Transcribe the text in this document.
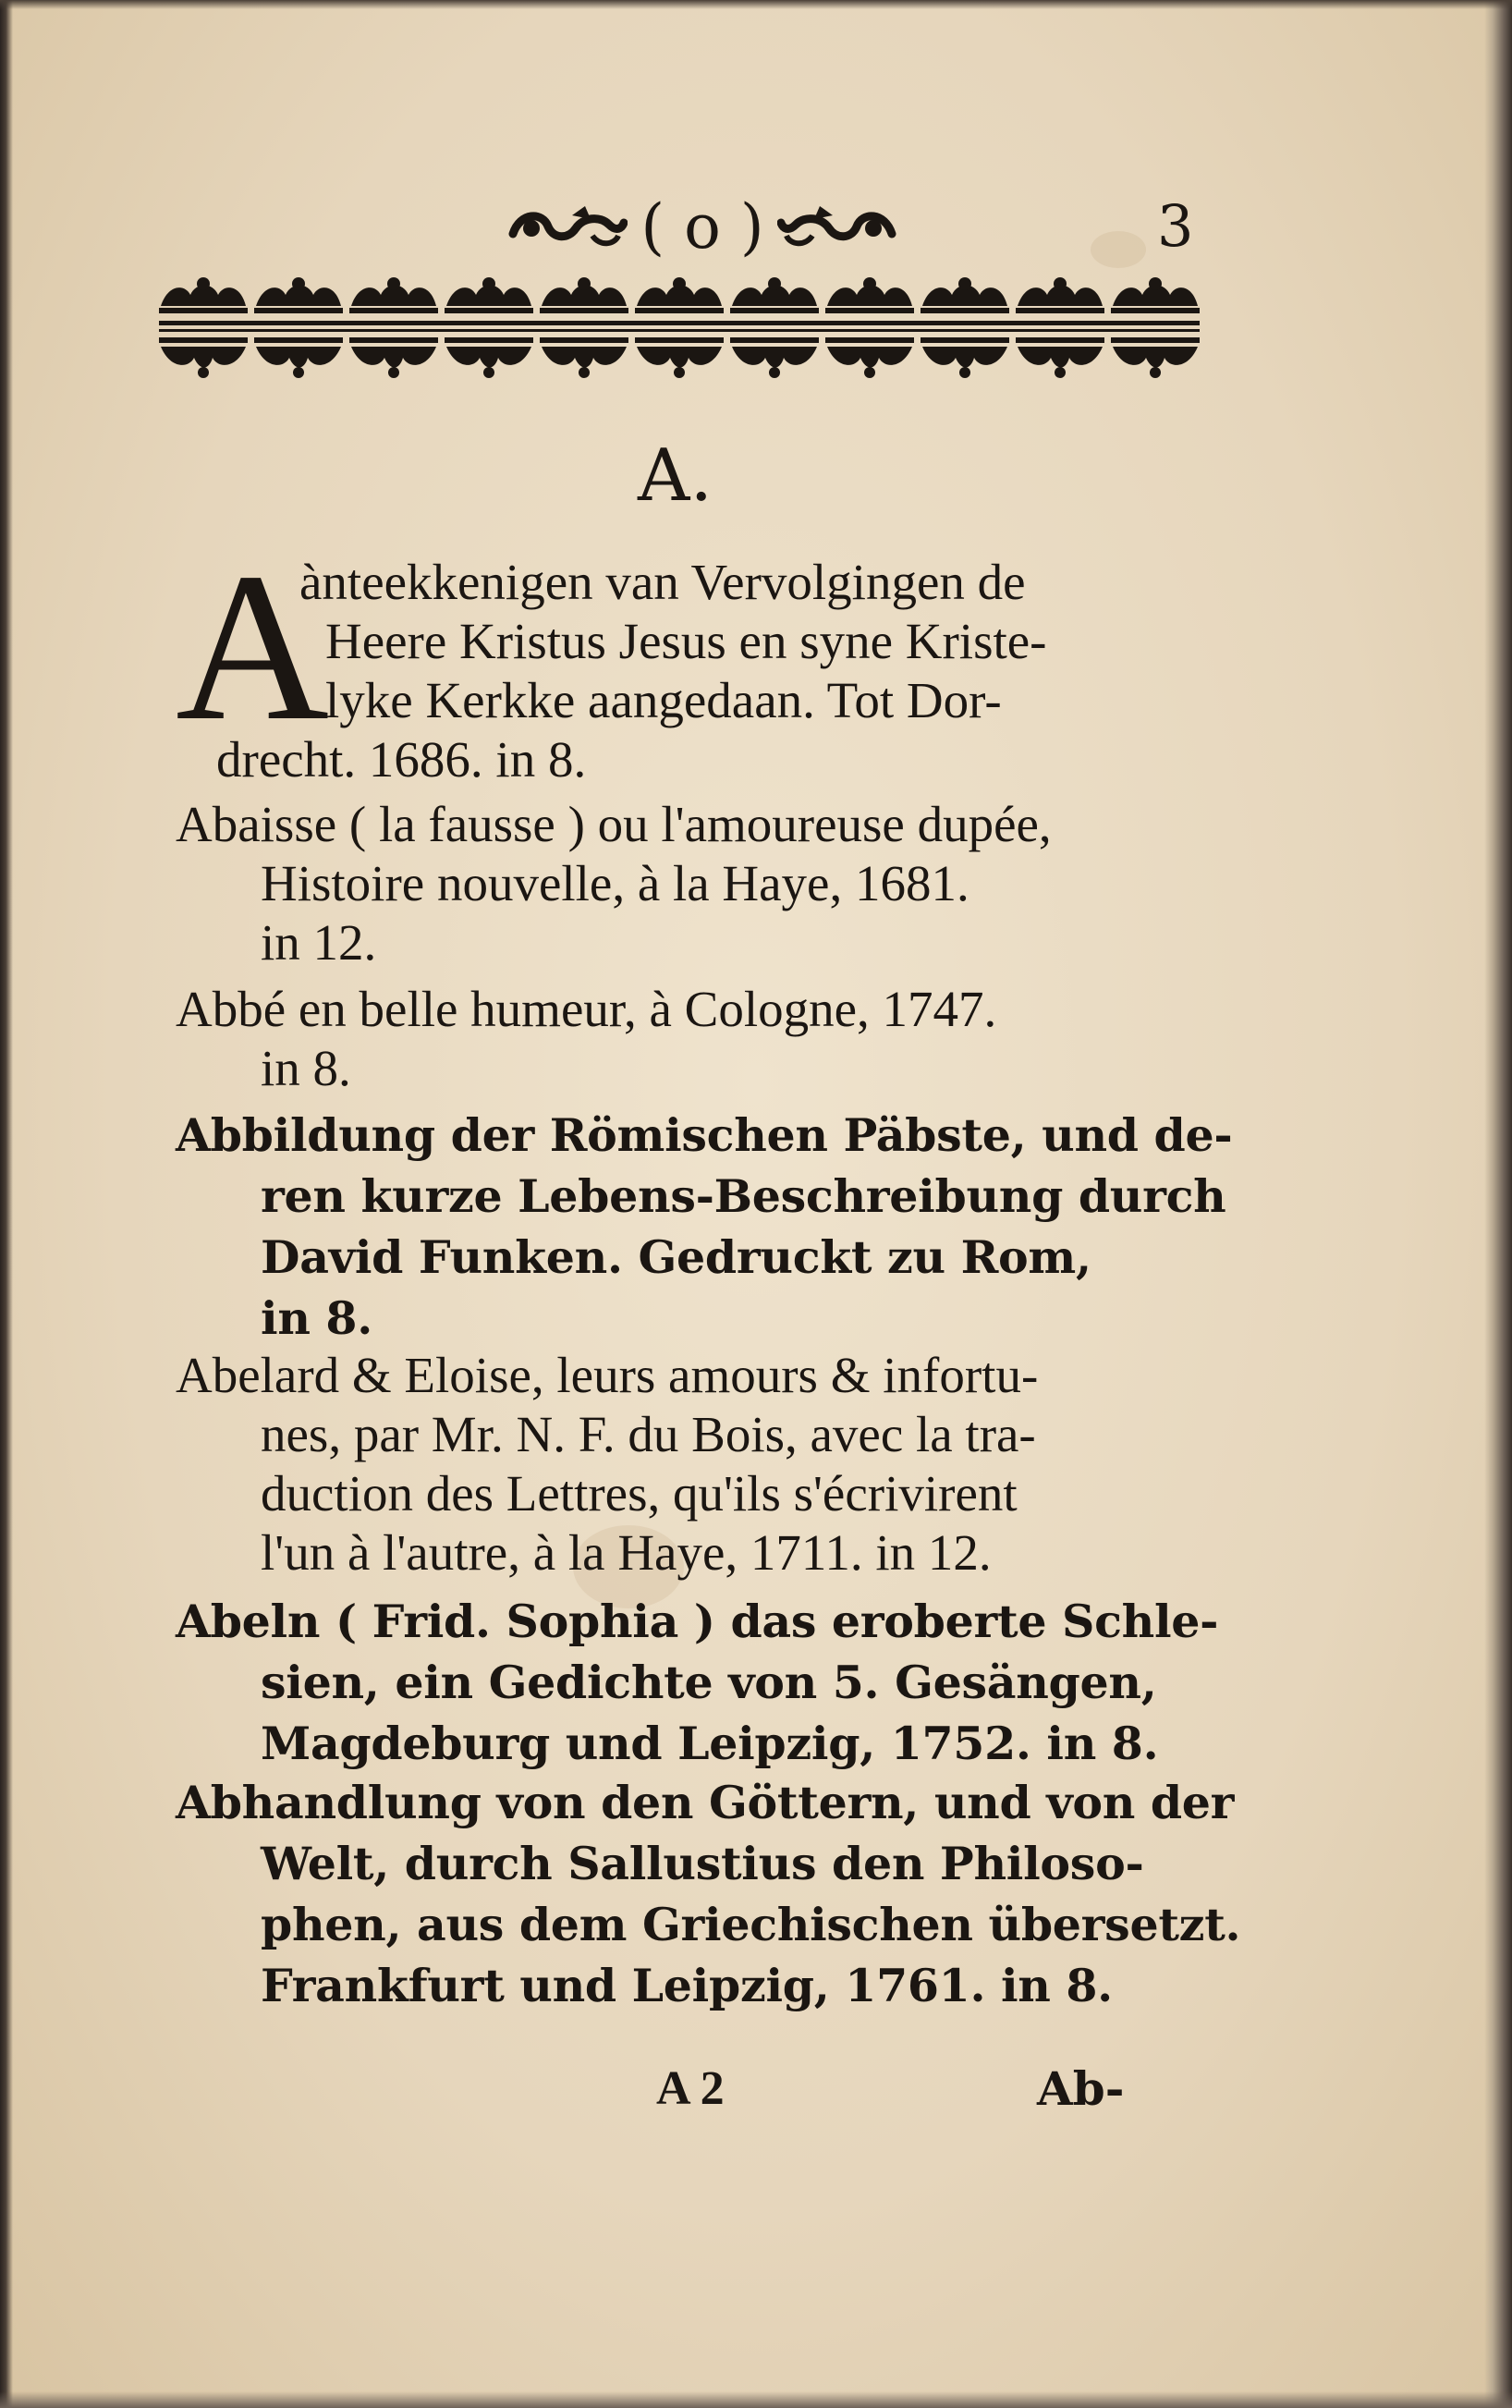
( o )	3
A.
A
ànteekkenigen van Vervolgingen de
Heere Kristus Jesus en syne Kriste-
lyke Kerkke aangedaan. Tot Dor-
drecht. 1686. in 8.
Abaisse ( la fausse ) ou l'amoureuse dupée,
Histoire nouvelle, à la Haye, 1681.
in 12.
Abbé en belle humeur, à Cologne, 1747.
in 8.
Abbildung der Römischen Päbste, und de-
ren kurze Lebens-Beschreibung durch
David Funken. Gedruckt zu Rom,
in 8.
Abelard & Eloise, leurs amours & infortu-
nes, par Mr. N. F. du Bois, avec la tra-
duction des Lettres, qu'ils s'écrivirent
l'un à l'autre, à la Haye, 1711. in 12.
Abeln ( Frid. Sophia ) das eroberte Schle-
sien, ein Gedichte von 5. Gesängen,
Magdeburg und Leipzig, 1752. in 8.
Abhandlung von den Göttern, und von der
Welt, durch Sallustius den Philoso-
phen, aus dem Griechischen übersetzt.
Frankfurt und Leipzig, 1761. in 8.
A 2	Ab-
